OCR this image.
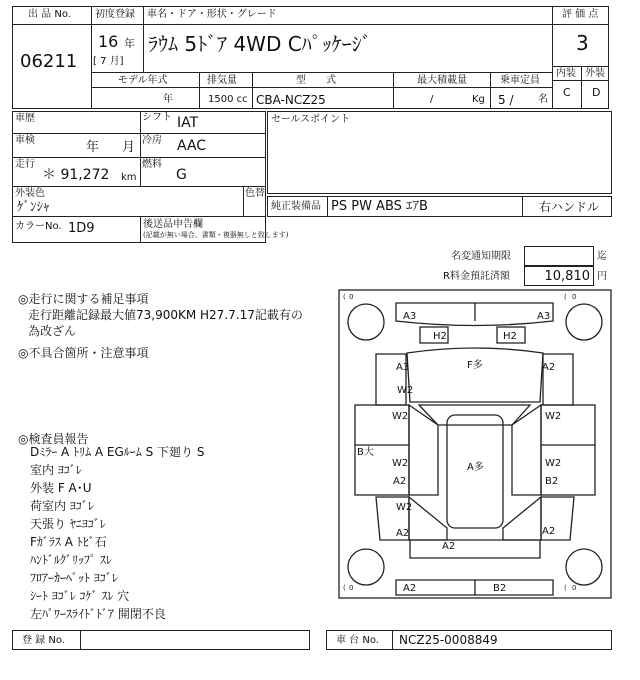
出 品 No.
06211
初度登録
16 年
[ 7 月]
車名・ドア・形状・グレード
ﾗｳﾑ 5ﾄﾞｱ 4WD Cﾊﾟｯｹｰｼﾞ
評 価 点
3
内装 外装
C D
モデル年式
年
排気量
1500 cc
型　　式
CBA-NCZ25
最大積載量
/	Kg
乗車定員
5 / 名
車歴	シフト IAT
車検	年 月 冷房 AAC
走行
＊ 91,272 km
燃料
G
外装色
ｹﾞﾝｼｬ
色替
カラーNo. 1D9	後送品申告欄
(記載が無い場合、書類・複器無しと致します)
セールスポイント
純正装備品 PS PW ABS ｴｱB	右ハンドル
名変通知期限	迄
R料金預託済額	10,810 円
◎走行に関する補足事項
走行距離記録最大値73,900KM H27.7.17記載有の
為改ざん
◎不具合箇所・注意事項
◎検査員報告
Dﾐﾗｰ A ﾄﾘﾑ A EGﾙｰﾑ S 下廻り S
室内 ﾖｺﾞﾚ
外装 F A･U
荷室内 ﾖｺﾞﾚ
天張り ﾔﾆﾖｺﾞﾚ
Fｶﾞﾗｽ A ﾄﾋﾞ石
ﾊﾝﾄﾞﾙｸﾞﾘｯﾌﾟ ｽﾚ
ﾌﾛｱｰｶｰﾍﾟｯﾄ ﾖｺﾞﾚ
ｼｰﾄ ﾖｺﾞﾚ ｺｹﾞ ｽﾚ 穴
左ﾊﾟﾜｰｽﾗｲﾄﾞﾄﾞｱ 開閉不良
( 0	( 0
( 0	( 0
A3	A3
H2	H2
F多
A3
W2
A2
W2	W2
B大
W2
A2
W2
B2
A多
W2
A2	A2
A2
A2	B2
登 録 No.	車 台 No. NCZ25-0008849
